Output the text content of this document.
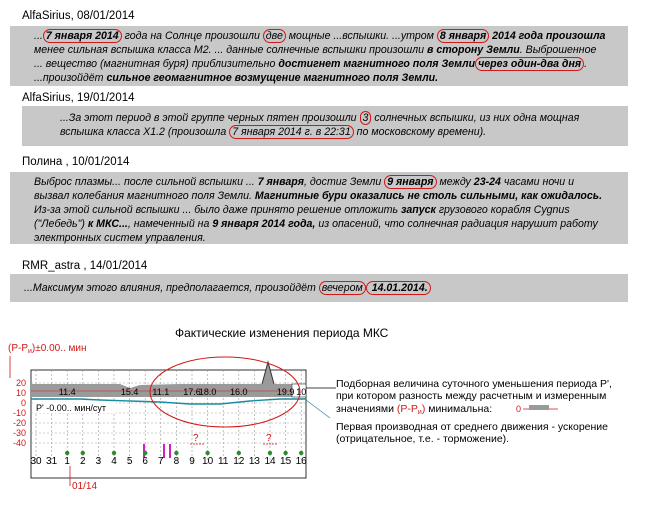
AlfaSirius, 08/01/2014
AlfaSirius, 19/01/2014
Полина , 10/01/2014
RMR_astra , 14/01/2014
... 7 января 2014 года на Солнце произошли две мощные ...вспышки. ...утром 8 января 2014 года произошла
менее сильная вспышка класса М2. ... данные солнечные вспышки произошли в сторону Земли. Выброшенное
... вещество (магнитная буря) приблизительно достигнет магнитного поля Земли через один-два дня .
...произойдёт сильное геомагнитное возмущение магнитного поля Земли.
...За этот период в этой группе черных пятен произошли 3 солнечных вспышки, из них одна мощная
вспышка класса Х1.2 (произошла 7 января 2014 г. в 22:31 по московскому времени).
Выброс плазмы... после сильной вспышки ... 7 января, достиг Земли 9 января между 23-24 часами ночи и
вызвал колебания магнитного поля Земли. Магнитные бури оказались не столь сильными, как ожидалось.
Из-за этой сильной вспышки ... было даже принято решение отложить запуск грузового корабля Cygnus
("Лебедь") к МКС..., намеченный на 9 января 2014 года, из опасений, что солнечная радиация нарушит работу
электронных систем управления.
...Максимум этого влияния, предполагается, произойдёт вечером 14.01.2014.
Фактические изменения периода МКС
20
10
0
-10
-20
-30
-40
$(P-P_и)\pm 0.00$.. мин
11.4	15.4 11.1 17.6
18.0 16.0	19.9 10
P' -0.00.. мин/сут
?	?
30 31 1 2 3 4 5 6 7 8 9 10 11 12 13 14 15 16
01/14
Подборная величина суточного уменьшения периода P',
при котором разность между расчетным и измеренным
значениями (P-Pи) минимальна:	0
Первая производная от среднего движения - ускорение
(отрицательное, т.е. - торможение).
